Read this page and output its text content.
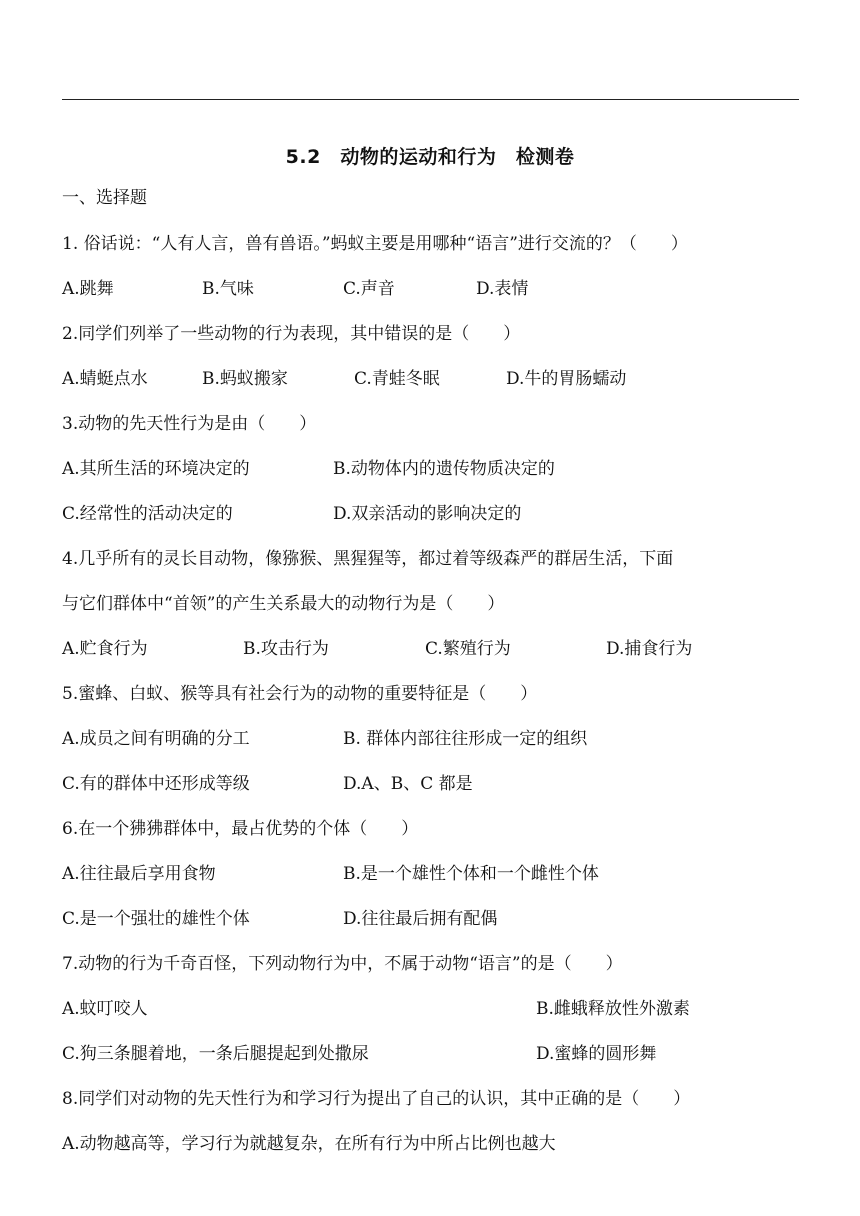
5.2　动物的运动和行为　检测卷
一、选择题
1. 俗话说：“人有人言，兽有兽语。”蚂蚁主要是用哪种“语言”进行交流的？（　　）
A.跳舞	B.气味	C.声音	D.表情
2.同学们列举了一些动物的行为表现，其中错误的是（　　）
A.蜻蜓点水	B.蚂蚁搬家	C.青蛙冬眠	D.牛的胃肠蠕动
3.动物的先天性行为是由（　　）
A.其所生活的环境决定的	B.动物体内的遗传物质决定的
C.经常性的活动决定的	D.双亲活动的影响决定的
4.几乎所有的灵长目动物，像猕猴、黑猩猩等，都过着等级森严的群居生活，下面
与它们群体中“首领”的产生关系最大的动物行为是（　　）
A.贮食行为	B.攻击行为	C.繁殖行为	D.捕食行为
5.蜜蜂、白蚁、猴等具有社会行为的动物的重要特征是（　　）
A.成员之间有明确的分工	B. 群体内部往往形成一定的组织
C.有的群体中还形成等级	D.A、B、C 都是
6.在一个狒狒群体中，最占优势的个体（　　）
A.往往最后享用食物	B.是一个雄性个体和一个雌性个体
C.是一个强壮的雄性个体	D.往往最后拥有配偶
7.动物的行为千奇百怪，下列动物行为中，不属于动物“语言”的是（　　）
A.蚊叮咬人	B.雌蛾释放性外激素
C.狗三条腿着地，一条后腿提起到处撒尿	D.蜜蜂的圆形舞
8.同学们对动物的先天性行为和学习行为提出了自己的认识，其中正确的是（　　）
A.动物越高等，学习行为就越复杂，在所有行为中所占比例也越大
